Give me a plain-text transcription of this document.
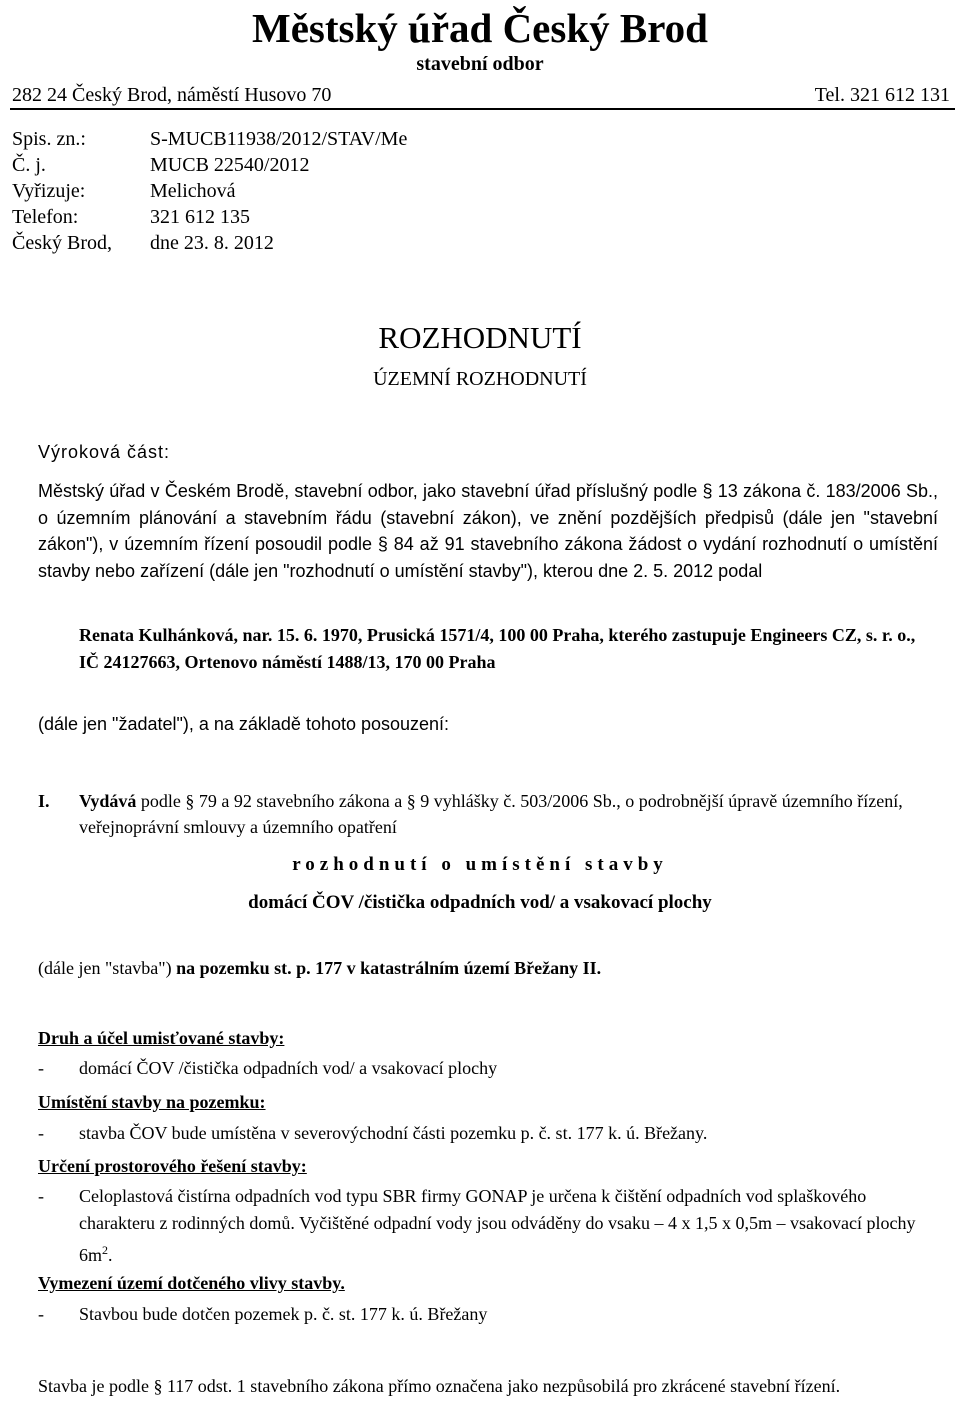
Městský úřad Český Brod
stavební odbor
282 24 Český Brod, náměstí Husovo 70	Tel. 321 612 131
Spis. zn.:	S-MUCB11938/2012/STAV/Me
Č. j.	MUCB 22540/2012
Vyřizuje:	Melichová
Telefon:	321 612 135
Český Brod, dne 23. 8. 2012
ROZHODNUTÍ
ÚZEMNÍ ROZHODNUTÍ
Výroková část:
Městský úřad v Českém Brodě, stavební odbor, jako stavební úřad příslušný podle § 13 zákona č. 183/2006 Sb., o územním plánování a stavebním řádu (stavební zákon), ve znění pozdějších předpisů (dále jen "stavební zákon"), v územním řízení posoudil podle § 84 až 91 stavebního zákona žádost o vydání rozhodnutí o umístění stavby nebo zařízení (dále jen "rozhodnutí o umístění stavby"), kterou dne 2. 5. 2012 podal
Renata Kulhánková, nar. 15. 6. 1970, Prusická 1571/4, 100 00 Praha, kterého zastupuje Engineers CZ, s. r. o., IČ 24127663, Ortenovo náměstí 1488/13, 170 00 Praha
(dále jen "žadatel"), a na základě tohoto posouzení:
I. Vydává podle § 79 a 92 stavebního zákona a § 9 vyhlášky č. 503/2006 Sb., o podrobnější úpravě územního řízení, veřejnoprávní smlouvy a územního opatření
rozhodnutí o umístění stavby
domácí ČOV /čistička odpadních vod/ a vsakovací plochy
(dále jen "stavba") na pozemku st. p. 177 v katastrálním území Břežany II.
Druh a účel umisťované stavby:
- domácí ČOV /čistička odpadních vod/ a vsakovací plochy
Umístění stavby na pozemku:
- stavba ČOV bude umístěna v severovýchodní části pozemku p. č. st. 177 k. ú. Břežany.
Určení prostorového řešení stavby:
- Celoplastová čistírna odpadních vod typu SBR firmy GONAP je určena k čištění odpadních vod splaškového charakteru z rodinných domů. Vyčištěné odpadní vody jsou odváděny do vsaku – 4 x 1,5 x 0,5m – vsakovací plochy $6m^2$.
Vymezení území dotčeného vlivy stavby.
- Stavbou bude dotčen pozemek p. č. st. 177 k. ú. Břežany
Stavba je podle § 117 odst. 1 stavebního zákona přímo označena jako nezpůsobilá pro zkrácené stavební řízení.
